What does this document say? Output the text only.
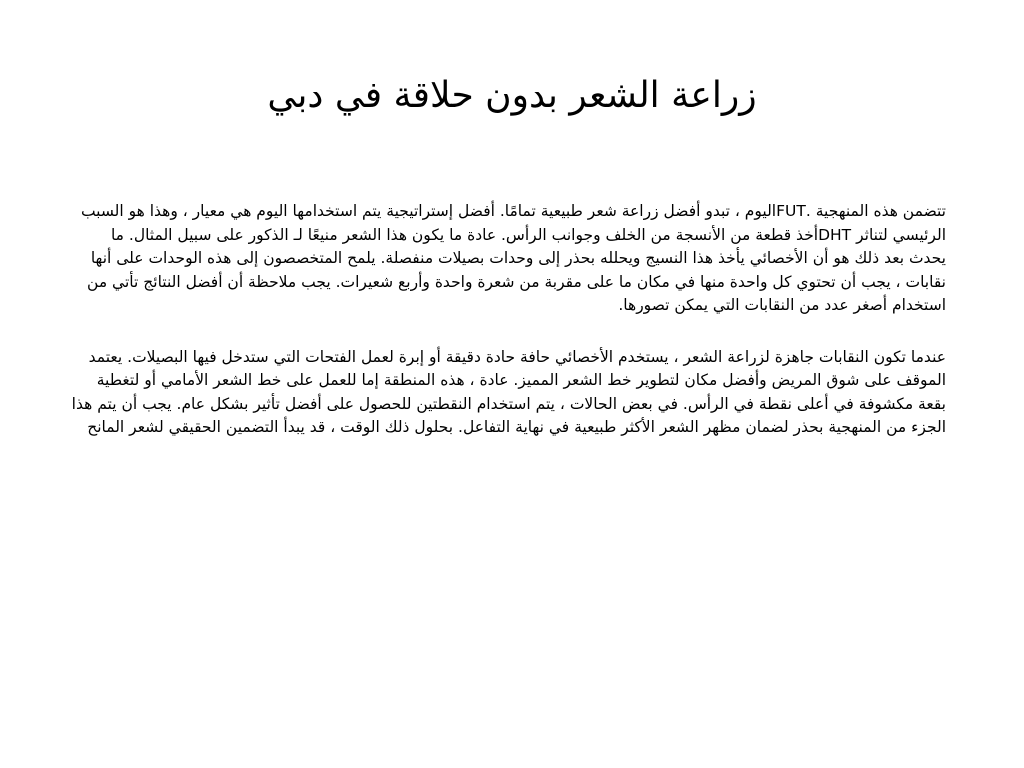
زراعة الشعر بدون حلاقة في دبي

تتضمن هذه المنهجية .FUTاليوم ، تبدو أفضل زراعة شعر طبيعية تمامًا. أفضل إستراتيجية يتم استخدامها اليوم هي معيار ، وهذا هو السبب الرئيسي لتناثر DHTأخذ قطعة من الأنسجة من الخلف وجوانب الرأس. عادة ما يكون هذا الشعر منيعًا لـ الذكور على سبيل المثال. ما يحدث بعد ذلك هو أن الأخصائي يأخذ هذا النسيج ويحلله بحذر إلى وحدات بصيلات منفصلة. يلمح المتخصصون إلى هذه الوحدات على أنها نقابات ، يجب أن تحتوي كل واحدة منها في مكان ما على مقربة من شعرة واحدة وأربع شعيرات. يجب ملاحظة أن أفضل النتائج تأتي من استخدام أصغر عدد من النقابات التي يمكن تصورها.

عندما تكون النقابات جاهزة لزراعة الشعر ، يستخدم الأخصائي حافة حادة دقيقة أو إبرة لعمل الفتحات التي ستدخل فيها البصيلات. يعتمد الموقف على شوق المريض وأفضل مكان لتطوير خط الشعر المميز. عادة ، هذه المنطقة إما للعمل على خط الشعر الأمامي أو لتغطية بقعة مكشوفة في أعلى نقطة في الرأس. في بعض الحالات ، يتم استخدام النقطتين للحصول على أفضل تأثير بشكل عام. يجب أن يتم هذا الجزء من المنهجية بحذر لضمان مظهر الشعر الأكثر طبيعية في نهاية التفاعل. بحلول ذلك الوقت ، قد يبدأ التضمين الحقيقي لشعر المانح
